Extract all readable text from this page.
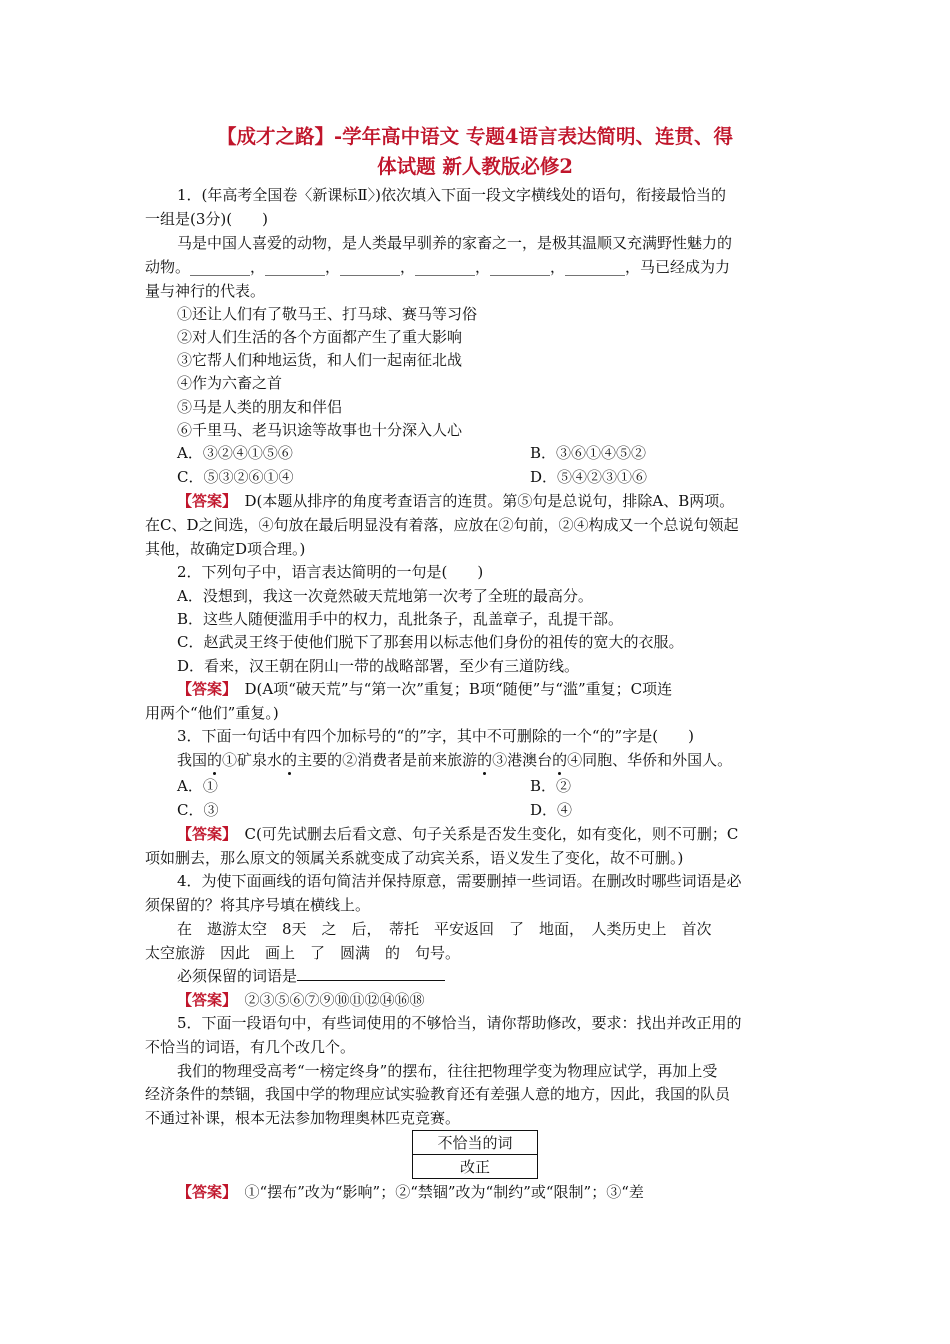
【成才之路】-学年高中语文 专题4语言表达简明、连贯、得
体试题 新人教版必修2
1．(年高考全国卷〈新课标Ⅱ〉)依次填入下面一段文字横线处的语句，衔接最恰当的
一组是(3分)(　　)
马是中国人喜爱的动物，是人类最早驯养的家畜之一，是极其温顺又充满野性魅力的
动物。________，________，________，________，________，________，马已经成为力
量与神行的代表。
①还让人们有了敬马王、打马球、赛马等习俗
②对人们生活的各个方面都产生了重大影响
③它帮人们种地运货，和人们一起南征北战
④作为六畜之首
⑤马是人类的朋友和伴侣
⑥千里马、老马识途等故事也十分深入人心
A．③②④①⑤⑥	B．③⑥①④⑤②
C．⑤③②⑥①④	D．⑤④②③①⑥
【答案】　 D(本题从排序的角度考查语言的连贯。第⑤句是总说句，排除A、B两项。
在C、D之间选，④句放在最后明显没有着落，应放在②句前，②④构成又一个总说句领起
其他，故确定D项合理。)
2．下列句子中，语言表达简明的一句是(　　)
A．没想到，我这一次竟然破天荒地第一次考了全班的最高分。
B．这些人随便滥用手中的权力，乱批条子，乱盖章子，乱提干部。
C．赵武灵王终于使他们脱下了那套用以标志他们身份的祖传的宽大的衣服。
D．看来，汉王朝在阴山一带的战略部署，至少有三道防线。
【答案】　 D(A项“破天荒”与“第一次”重复；B项“随便”与“滥”重复；C项连
用两个“他们”重复。)
3．下面一句话中有四个加标号的“的”字，其中不可删除的一个“的”字是(　　)
我国的①矿泉水的主要的②消费者是前来旅游的③港澳台的④同胞、华侨和外国人。
A．①	B．②
C．③	D．④
【答案】　 C(可先试删去后看文意、句子关系是否发生变化，如有变化，则不可删；C
项如删去，那么原文的领属关系就变成了动宾关系，语义发生了变化，故不可删。)
4．为使下面画线的语句简洁并保持原意，需要删掉一些词语。在删改时哪些词语是必
须保留的？将其序号填在横线上。
在　遨游太空　8天　之　后，　蒂托　平安返回　了　地面，　人类历史上　首次
太空旅游　因此　画上　了　圆满　的　句号。
必须保留的词语是
【答案】　 ②③⑤⑥⑦⑨⑩⑪⑫⑭⑯⑱
5．下面一段语句中，有些词使用的不够恰当，请你帮助修改，要求：找出并改正用的
不恰当的词语，有几个改几个。
我们的物理受高考“一榜定终身”的摆布，往往把物理学变为物理应试学，再加上受
经济条件的禁锢，我国中学的物理应试实验教育还有差强人意的地方，因此，我国的队员
不通过补课，根本无法参加物理奥林匹克竞赛。
不恰当的词
改正
【答案】　 ①“摆布”改为“影响”；②“禁锢”改为“制约”或“限制”；③“差
